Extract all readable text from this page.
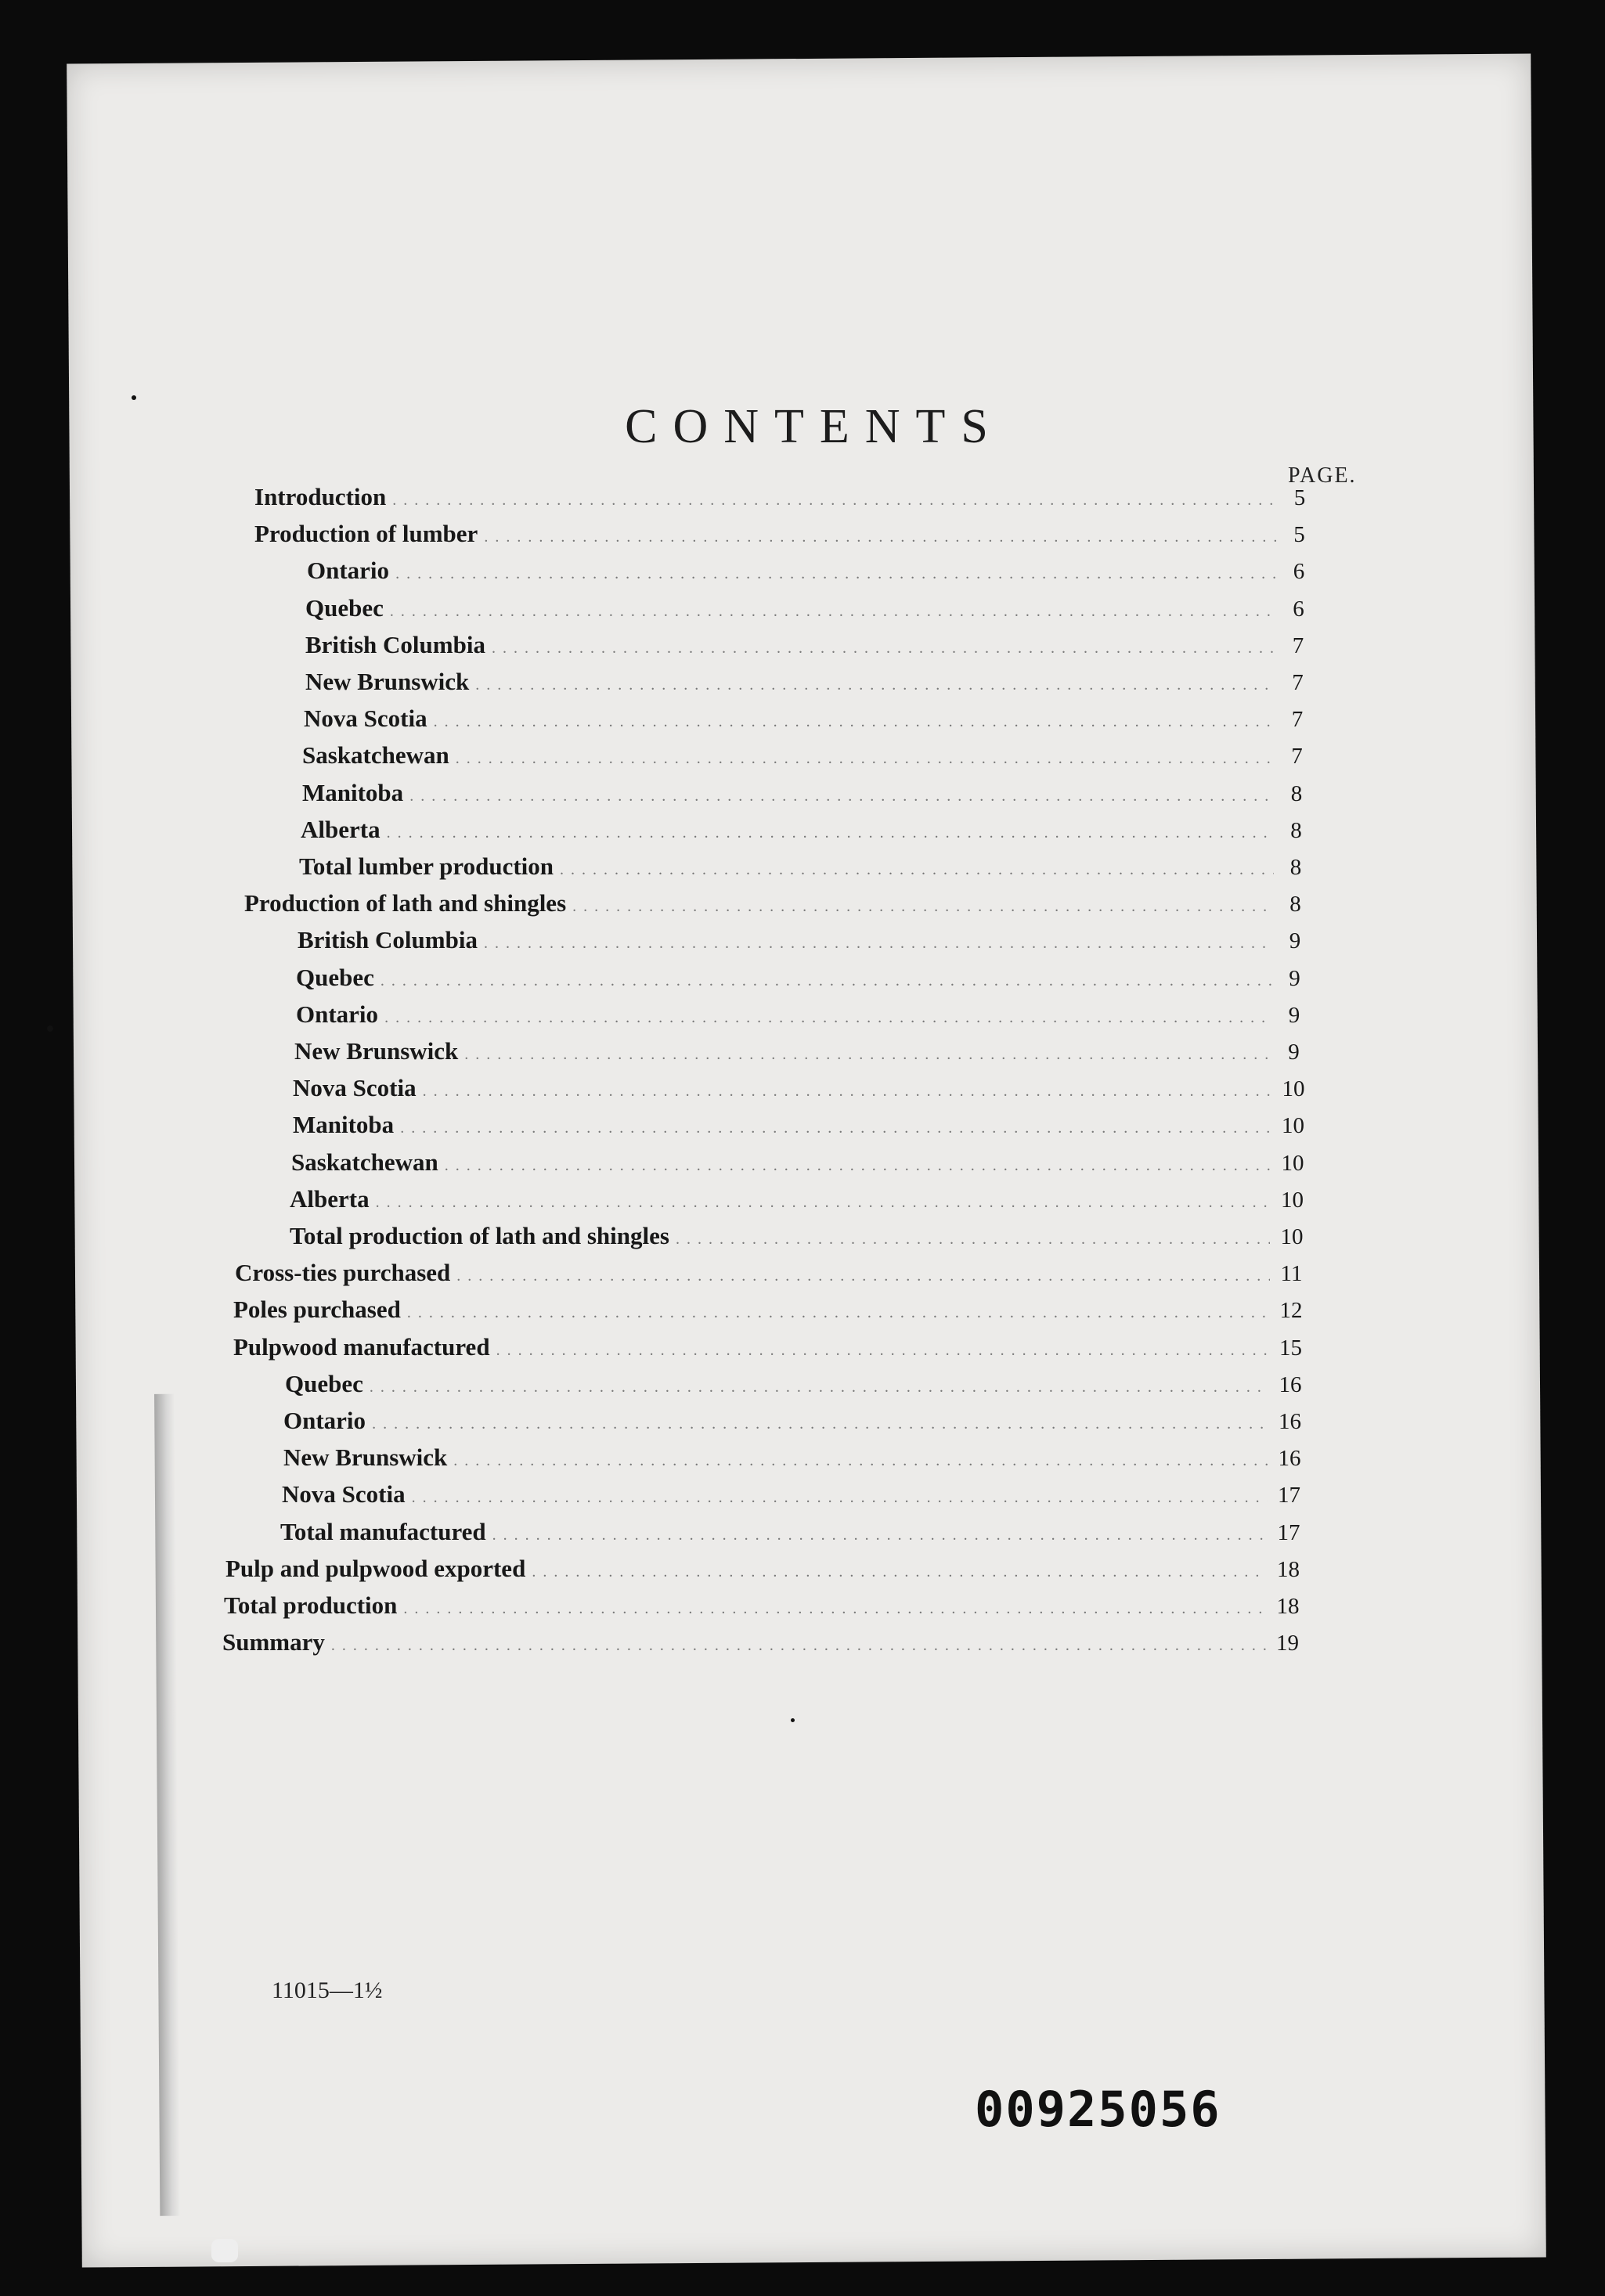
CONTENTS
PAGE.
Introduction .....	5
Production of lumber .....	5
Ontario .....	6
Quebec .....	6
British Columbia .....	7
New Brunswick .....	7
Nova Scotia .....	7
Saskatchewan .....	7
Manitoba .....	8
Alberta .....	8
Total lumber production .....	8
Production of lath and shingles .....	8
British Columbia .....	9
Quebec .....	9
Ontario .....	9
New Brunswick .....	9
Nova Scotia .....	10
Manitoba .....	10
Saskatchewan .....	10
Alberta .....	10
Total production of lath and shingles .....	10
Cross-ties purchased .....	11
Poles purchased .....	12
Pulpwood manufactured .....	15
Quebec .....	16
Ontario .....	16
New Brunswick .....	16
Nova Scotia .....	17
Total manufactured .....	17
Pulp and pulpwood exported .....	18
Total production .....	18
Summary .....	19
11015—1½
00925056
